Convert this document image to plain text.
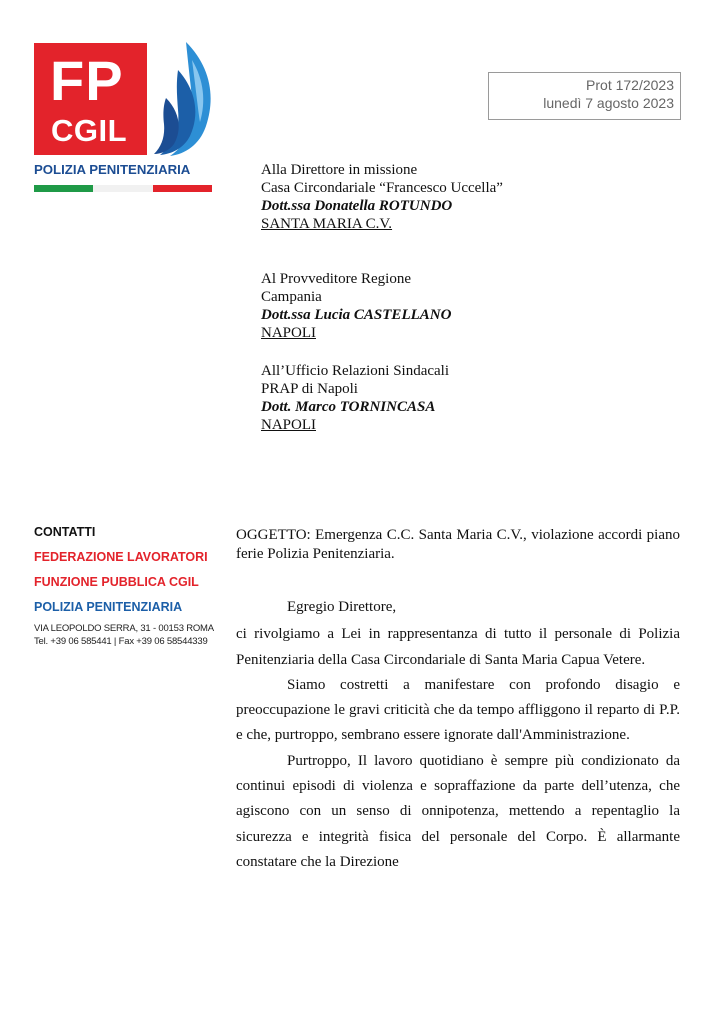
FP
CGIL
POLIZIA PENITENZIARIA
Prot 172/2023
lunedì 7 agosto 2023
Alla Direttore in missione
Casa Circondariale “Francesco Uccella”
Dott.ssa Donatella ROTUNDO
SANTA MARIA C.V.
Al Provveditore Regione
Campania
Dott.ssa Lucia CASTELLANO
NAPOLI
All’Ufficio Relazioni Sindacali
PRAP di Napoli
Dott. Marco TORNINCASA
NAPOLI
CONTATTI
FEDERAZIONE LAVORATORI
FUNZIONE PUBBLICA CGIL
POLIZIA PENITENZIARIA
VIA LEOPOLDO SERRA, 31 - 00153 ROMA
Tel. +39 06 585441 | Fax +39 06 58544339
OGGETTO: Emergenza C.C. Santa Maria C.V., violazione accordi piano ferie Polizia Penitenziaria.

Egregio Direttore,

ci rivolgiamo a Lei in rappresentanza di tutto il personale di Polizia Penitenziaria della Casa Circondariale di Santa Maria Capua Vetere.

Siamo costretti a manifestare con profondo disagio e preoccupazione le gravi criticità che da tempo affliggono il reparto di P.P. e che, purtroppo, sembrano essere ignorate dall'Amministrazione.

Purtroppo, Il lavoro quotidiano è sempre più condizionato da continui episodi di violenza e sopraffazione da parte dell’utenza, che agiscono con un senso di onnipotenza, mettendo a repentaglio la sicurezza e integrità fisica del personale del Corpo. È allarmante constatare che la Direzione
